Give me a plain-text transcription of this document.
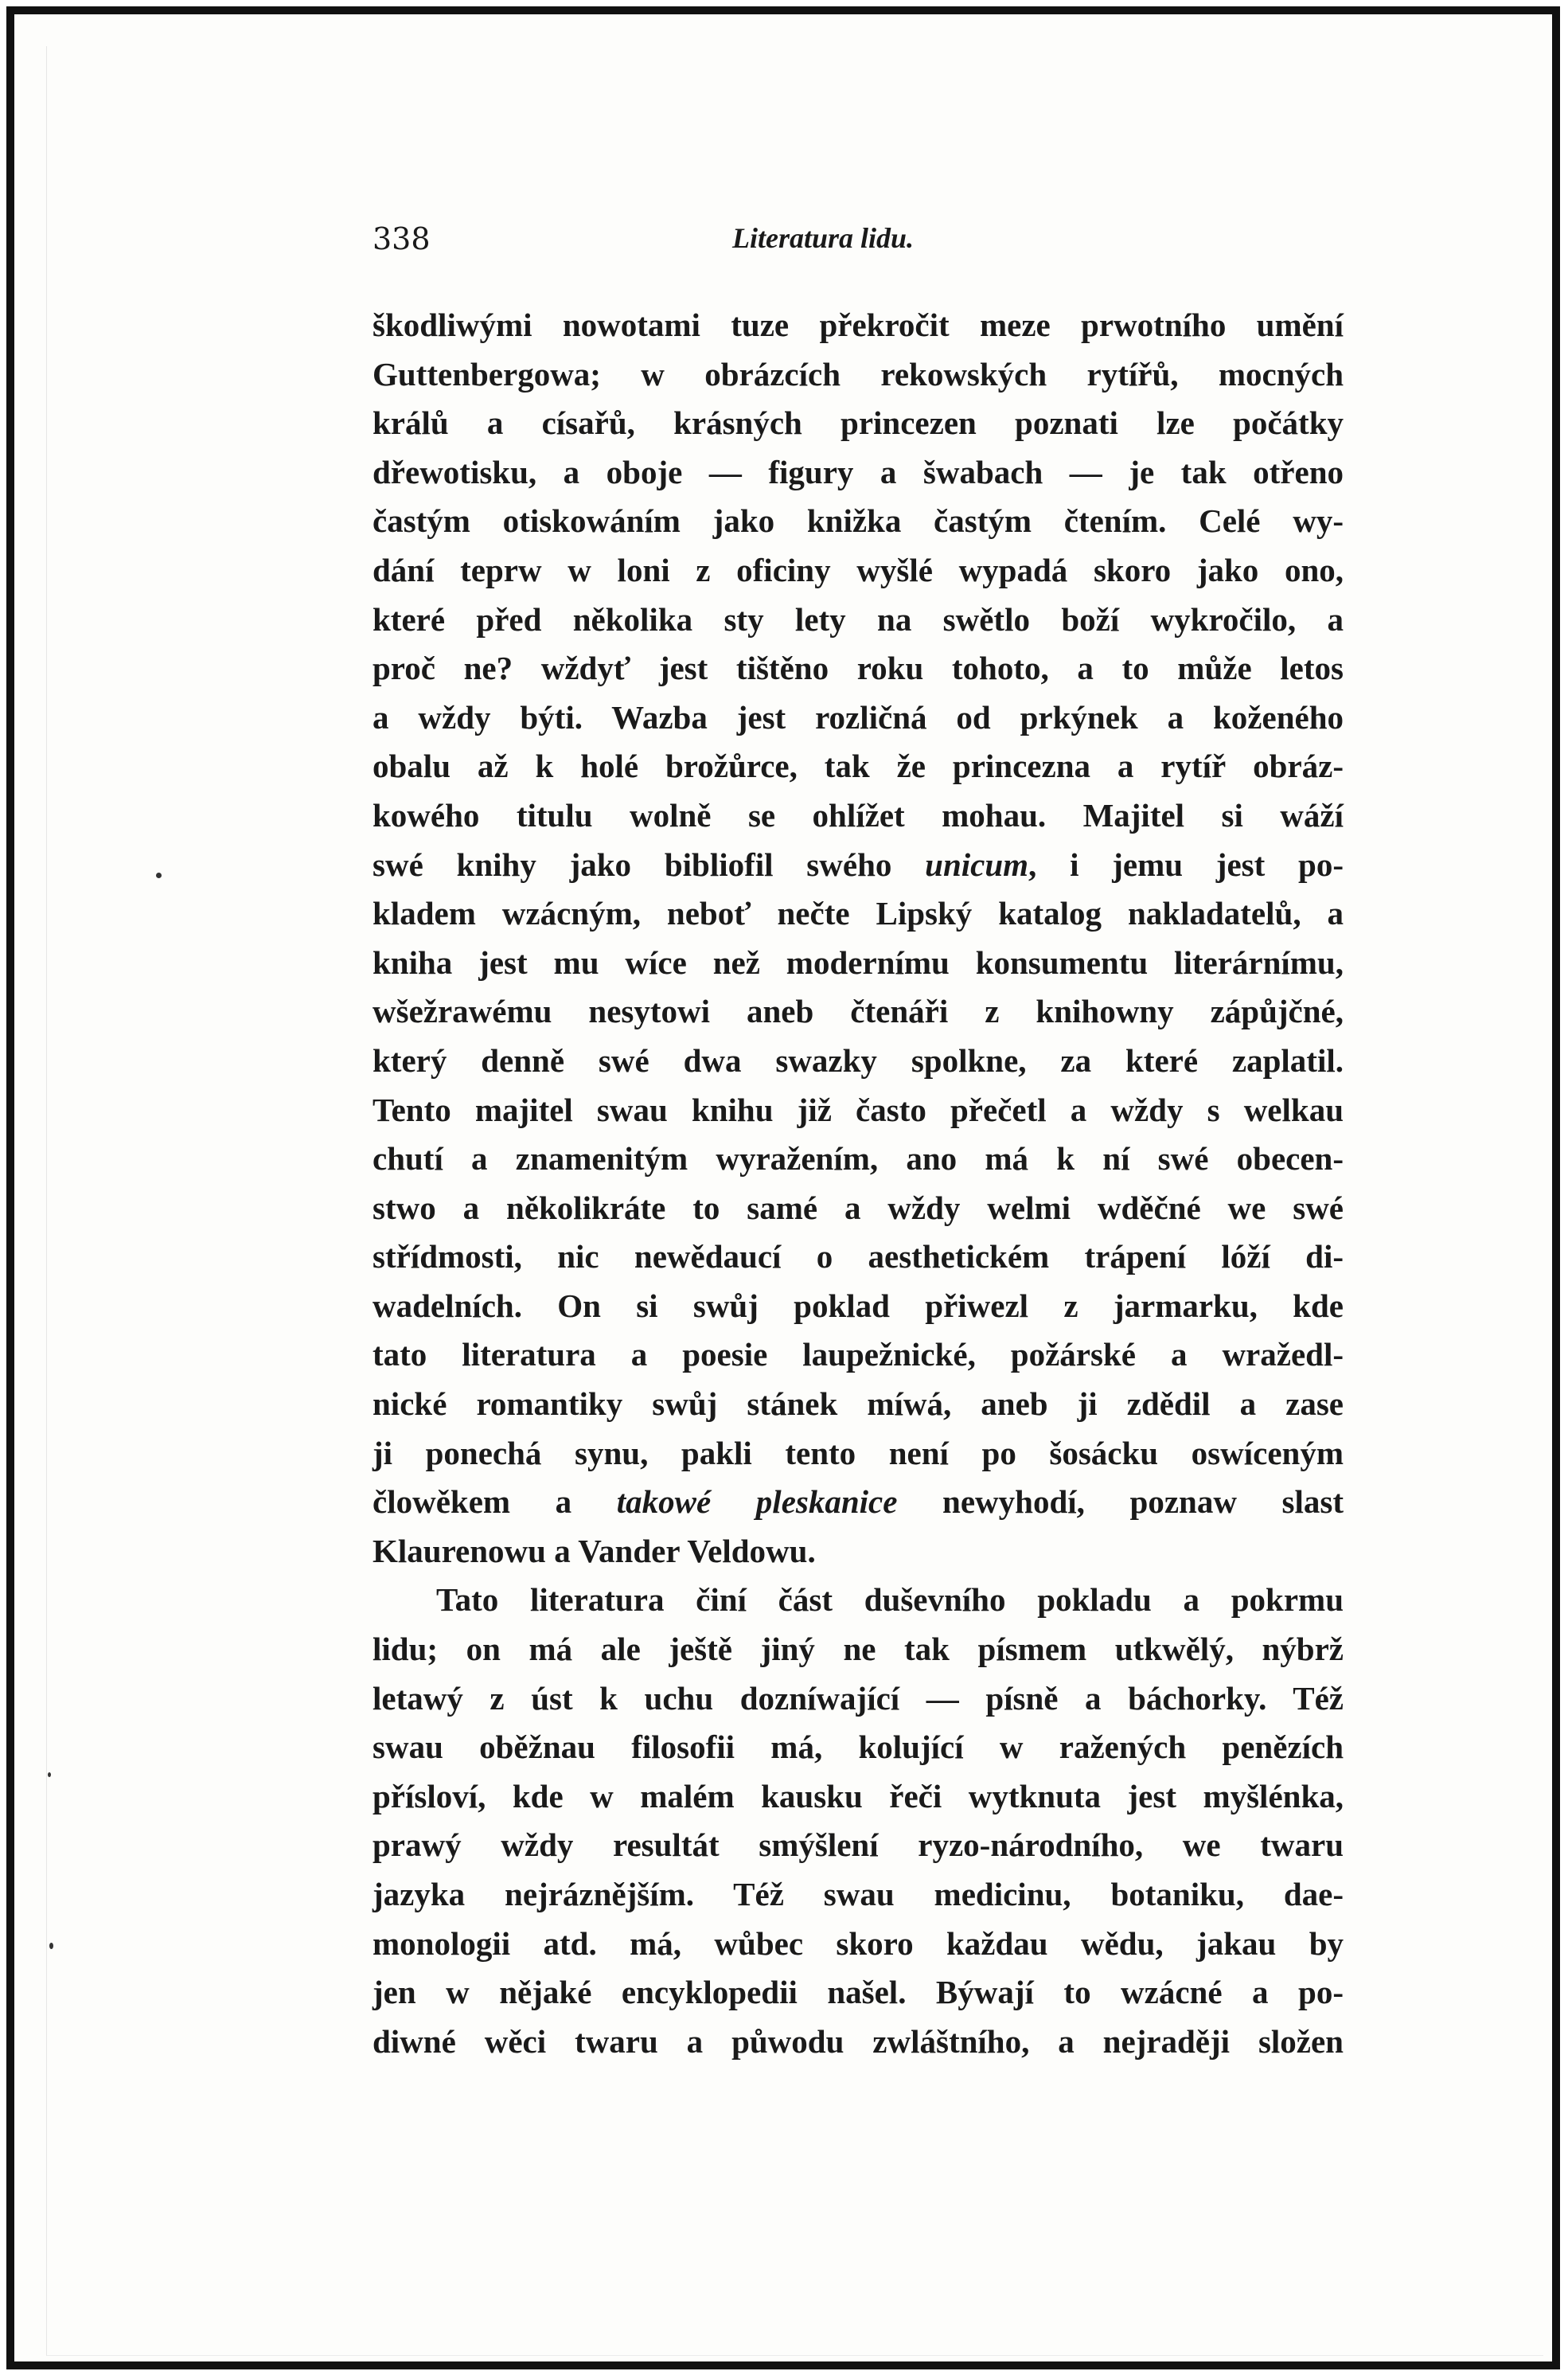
338	Literatura lidu.
škodliwými nowotami tuze překročit meze prwotního umění
Guttenbergowa; w obrázcích rekowských rytířů, mocných
králů a císařů, krásných princezen poznati lze počátky
dřewotisku, a oboje — figury a šwabach — je tak otřeno
častým otiskowáním jako knižka častým čtením. Celé wy-
dání teprw w loni z oficiny wyšlé wypadá skoro jako ono,
které před několika sty lety na swětlo boží wykročilo, a
proč ne? wždyť jest tištěno roku tohoto, a to může letos
a wždy býti. Wazba jest rozličná od prkýnek a koženého
obalu až k holé brožůrce, tak že princezna a rytíř obráz-
kowého titulu wolně se ohlížet mohau. Majitel si wáží
swé knihy jako bibliofil swého unicum, i jemu jest po-
kladem wzácným, neboť nečte Lipský katalog nakladatelů, a
kniha jest mu wíce než modernímu konsumentu literárnímu,
wšežrawému nesytowi aneb čtenáři z knihowny zápůjčné,
který denně swé dwa swazky spolkne, za které zaplatil.
Tento majitel swau knihu již často přečetl a wždy s welkau
chutí a znamenitým wyražením, ano má k ní swé obecen-
stwo a několikráte to samé a wždy welmi wděčné we swé
střídmosti, nic newědaucí o aesthetickém trápení lóží di-
wadelních. On si swůj poklad přiwezl z jarmarku, kde
tato literatura a poesie laupežnické, požárské a wražedl-
nické romantiky swůj stánek míwá, aneb ji zdědil a zase
ji ponechá synu, pakli tento není po šosácku oswíceným
člowěkem a takowé pleskanice newyhodí, poznaw slast
Klaurenowu a Vander Veldowu.
Tato literatura činí část duševního pokladu a pokrmu
lidu; on má ale ještě jiný ne tak písmem utkwělý, nýbrž
letawý z úst k uchu dozníwající — písně a báchorky. Též
swau oběžnau filosofii má, kolující w ražených penězích
přísloví, kde w malém kausku řeči wytknuta jest myšlénka,
prawý wždy resultát smýšlení ryzo-národního, we twaru
jazyka nejráznějším. Též swau medicinu, botaniku, dae-
monologii atd. má, wůbec skoro každau wědu, jakau by
jen w nějaké encyklopedii našel. Býwají to wzácné a po-
diwné wěci twaru a půwodu zwláštního, a nejraději složen
